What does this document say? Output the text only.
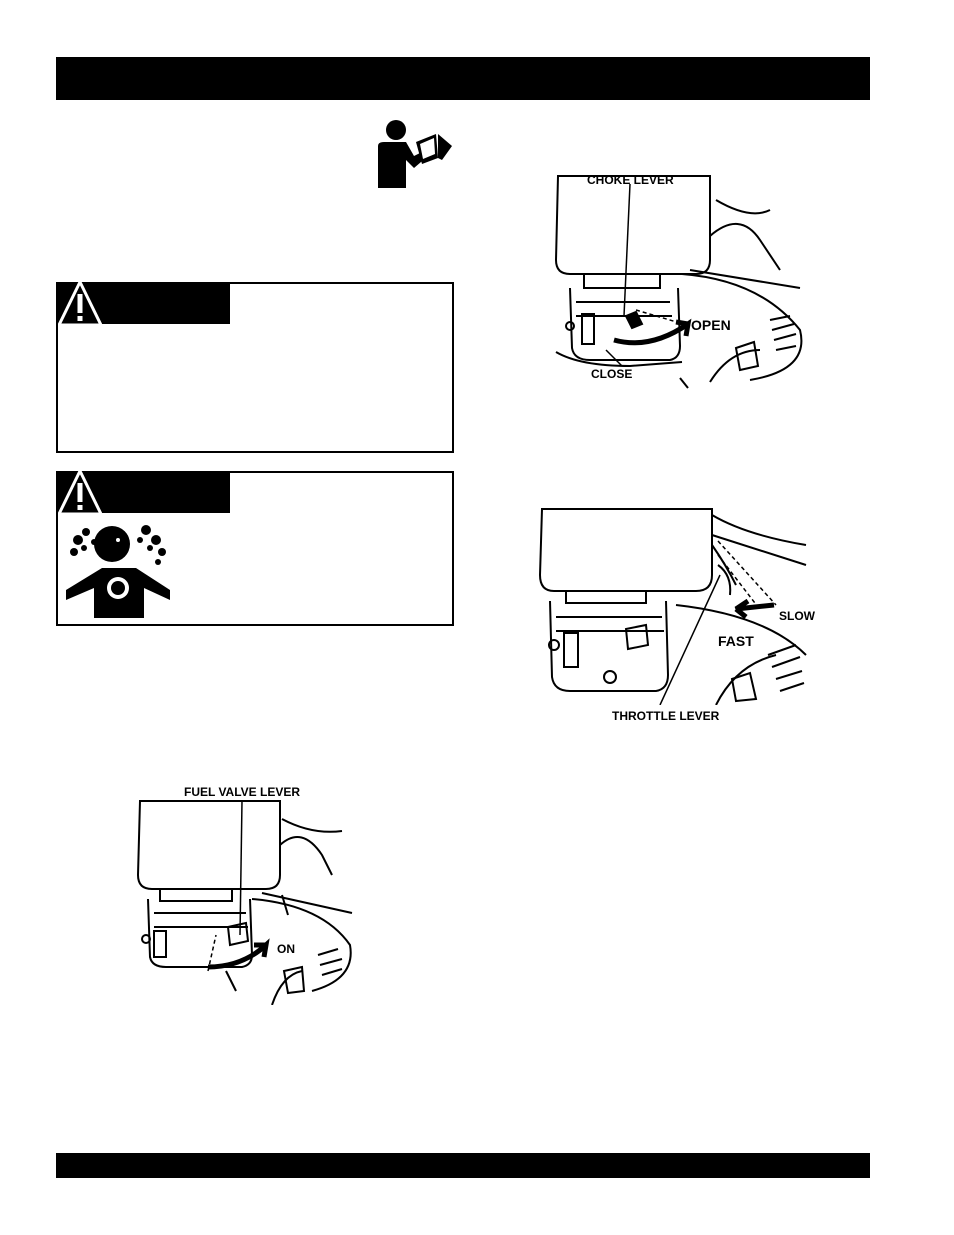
CHOKE LEVER
OPEN
CLOSE
SLOW
FAST
THROTTLE LEVER
FUEL VALVE LEVER
ON
